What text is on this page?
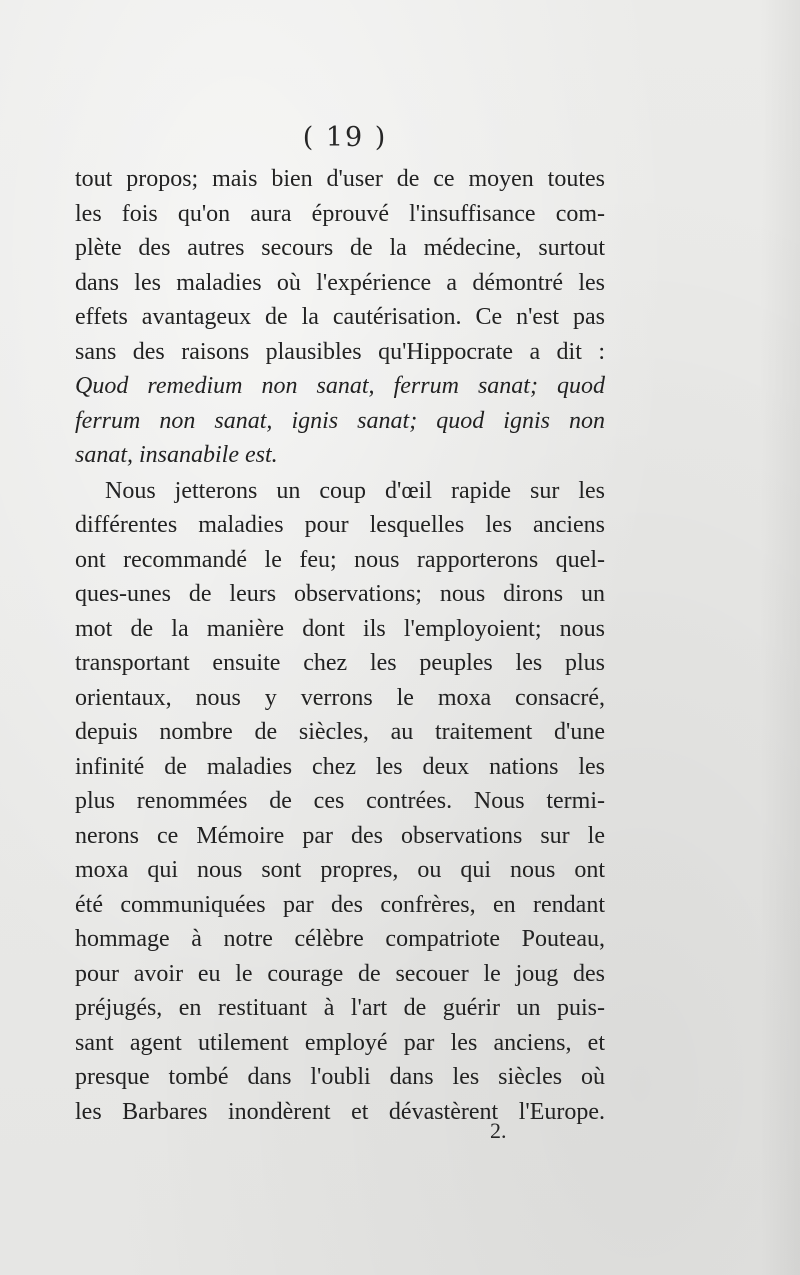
( 19 )
tout propos; mais bien d'user de ce moyen toutes
les fois qu'on aura éprouvé l'insuffisance com-
plète des autres secours de la médecine, surtout
dans les maladies où l'expérience a démontré les
effets avantageux de la cautérisation. Ce n'est pas
sans des raisons plausibles qu'Hippocrate a dit :
Quod remedium non sanat, ferrum sanat; quod
ferrum non sanat, ignis sanat; quod ignis non
sanat, insanabile est.
Nous jetterons un coup d'œil rapide sur les
différentes maladies pour lesquelles les anciens
ont recommandé le feu; nous rapporterons quel-
ques-unes de leurs observations; nous dirons un
mot de la manière dont ils l'employoient; nous
transportant ensuite chez les peuples les plus
orientaux, nous y verrons le moxa consacré,
depuis nombre de siècles, au traitement d'une
infinité de maladies chez les deux nations les
plus renommées de ces contrées. Nous termi-
nerons ce Mémoire par des observations sur le
moxa qui nous sont propres, ou qui nous ont
été communiquées par des confrères, en rendant
hommage à notre célèbre compatriote Pouteau,
pour avoir eu le courage de secouer le joug des
préjugés, en restituant à l'art de guérir un puis-
sant agent utilement employé par les anciens, et
presque tombé dans l'oubli dans les siècles où
les Barbares inondèrent et dévastèrent l'Europe.
2.
